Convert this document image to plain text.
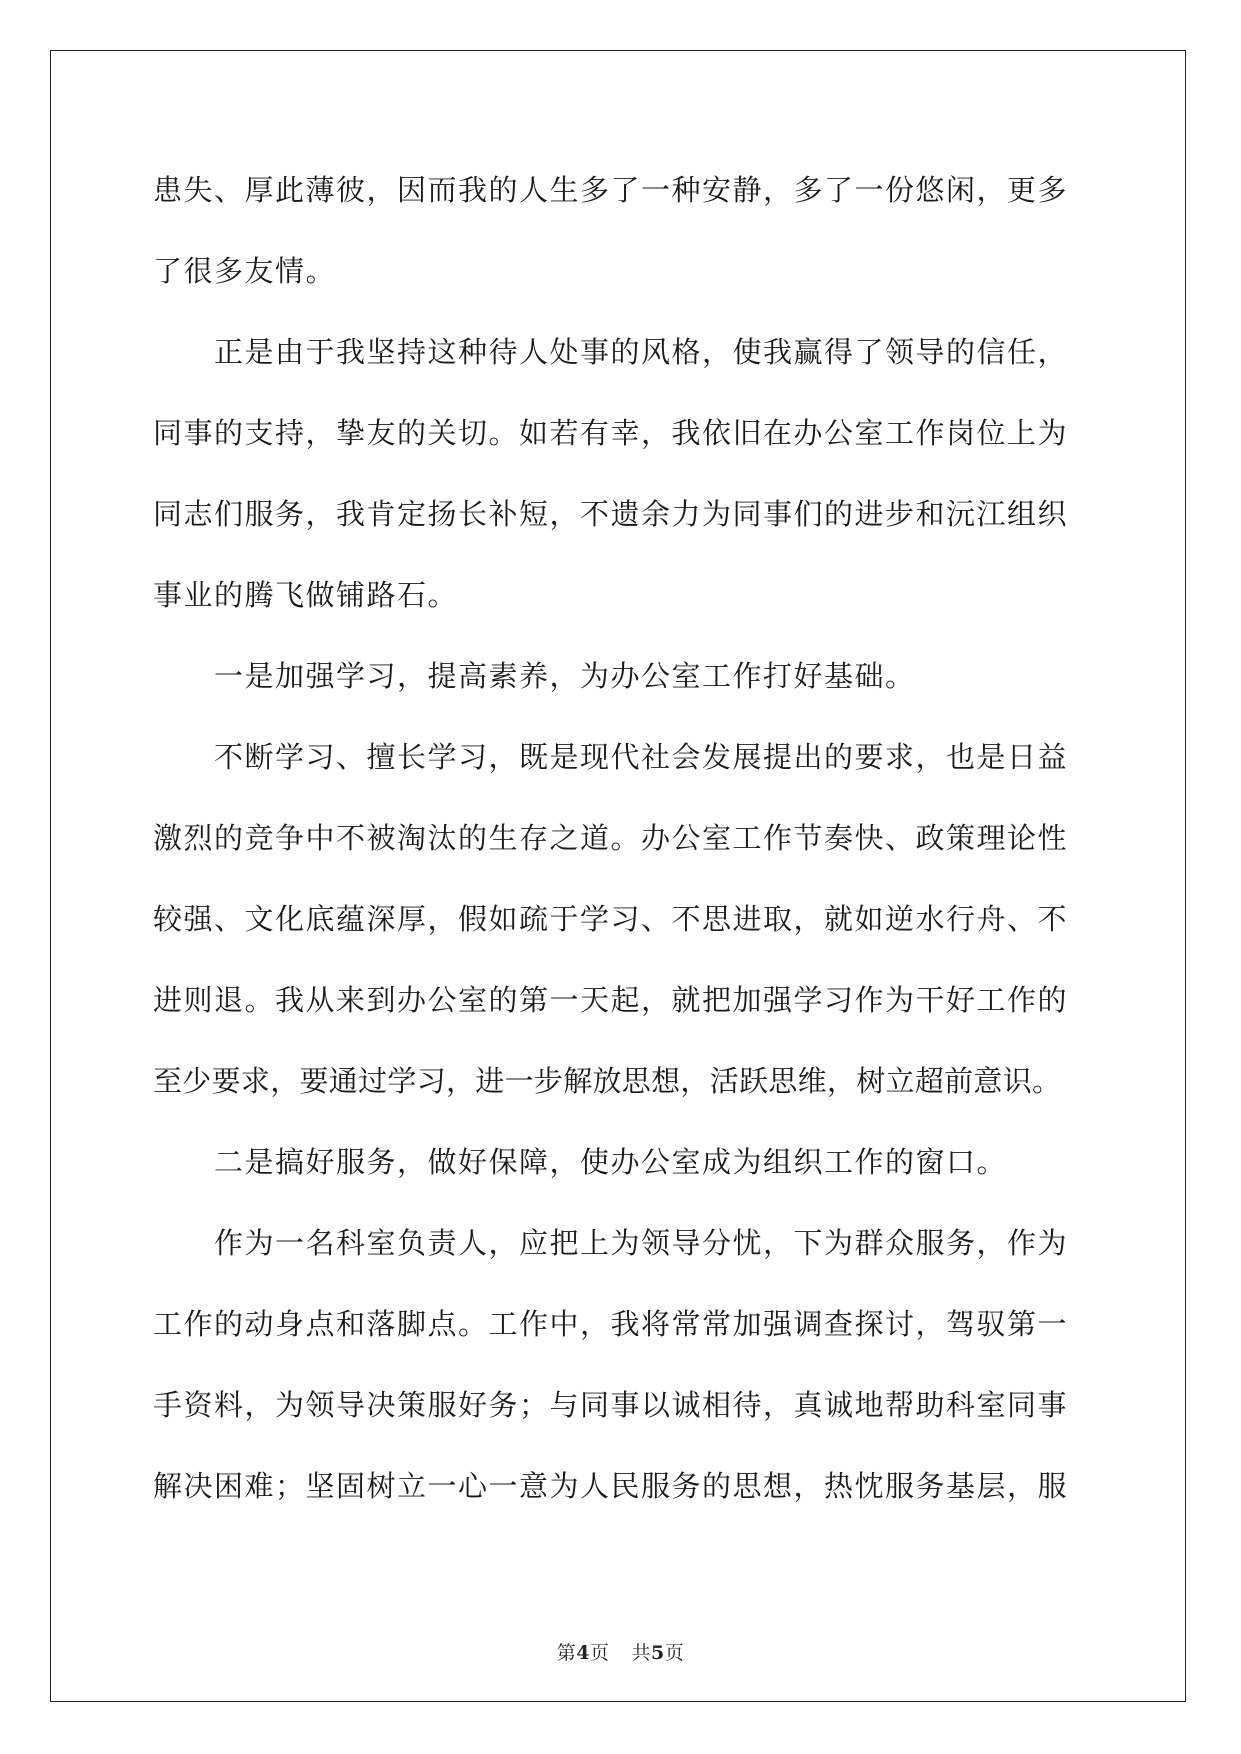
患失、厚此薄彼，因而我的人生多了一种安静，多了一份悠闲，更多
了很多友情。
正是由于我坚持这种待人处事的风格，使我赢得了领导的信任，
同事的支持，挚友的关切。如若有幸，我依旧在办公室工作岗位上为
同志们服务，我肯定扬长补短，不遗余力为同事们的进步和沅江组织
事业的腾飞做铺路石。
一是加强学习，提高素养，为办公室工作打好基础。
不断学习、擅长学习，既是现代社会发展提出的要求，也是日益
激烈的竞争中不被淘汰的生存之道。办公室工作节奏快、政策理论性
较强、文化底蕴深厚，假如疏于学习、不思进取，就如逆水行舟、不
进则退。我从来到办公室的第一天起，就把加强学习作为干好工作的
至少要求，要通过学习，进一步解放思想，活跃思维，树立超前意识。
二是搞好服务，做好保障，使办公室成为组织工作的窗口。
作为一名科室负责人，应把上为领导分忧，下为群众服务，作为
工作的动身点和落脚点。工作中，我将常常加强调查探讨，驾驭第一
手资料，为领导决策服好务；与同事以诚相待，真诚地帮助科室同事
解决困难；坚固树立一心一意为人民服务的思想，热忱服务基层，服
第4页 共5页
